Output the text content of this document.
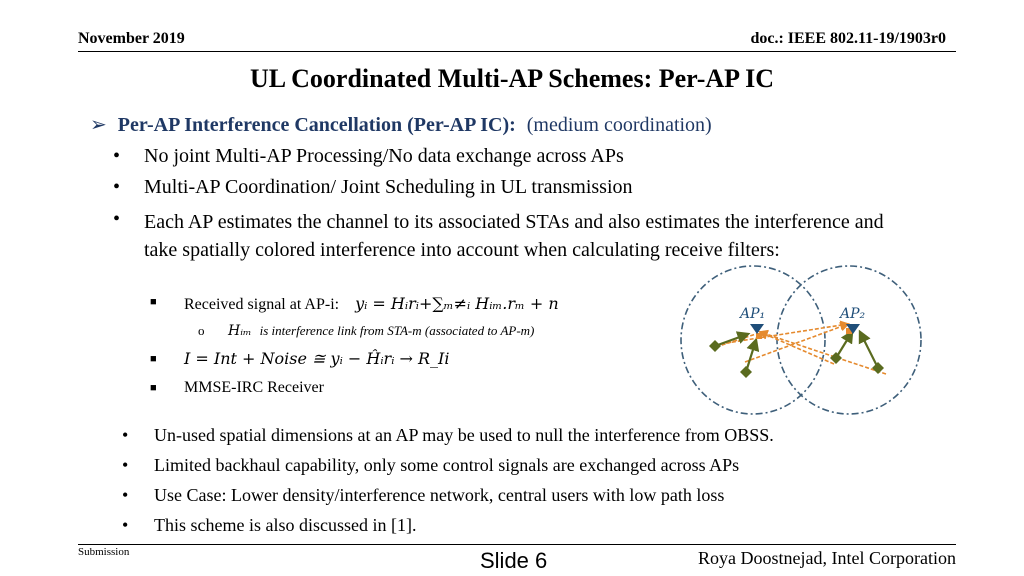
November 2019	doc.: IEEE 802.11-19/1903r0
UL Coordinated Multi-AP Schemes: Per-AP IC
➢ Per-AP Interference Cancellation (Per-AP IC): (medium coordination)
• No joint Multi-AP Processing/No data exchange across APs
• Multi-AP Coordination/ Joint Scheduling in UL transmission
• Each AP estimates the channel to its associated STAs and also estimates the interference and take spatially colored interference into account when calculating receive filters:
■ Received signal at AP-i: yᵢ = Hᵢrᵢ+∑ₘ≠ᵢ Hᵢₘ.rₘ + n
o Hᵢₘ is interference link from STA-m (associated to AP-m)
■ I = Int + Noise ≅ yᵢ − Ĥᵢrᵢ → R_Ii
■ MMSE-IRC Receiver
• Un-used spatial dimensions at an AP may be used to null the interference from OBSS.
• Limited backhaul capability, only some control signals are exchanged across APs
• Use Case: Lower density/interference network, central users with low path loss
• This scheme is also discussed in [1].
AP₁	AP₂
Submission	Slide 6	Roya Doostnejad, Intel Corporation
